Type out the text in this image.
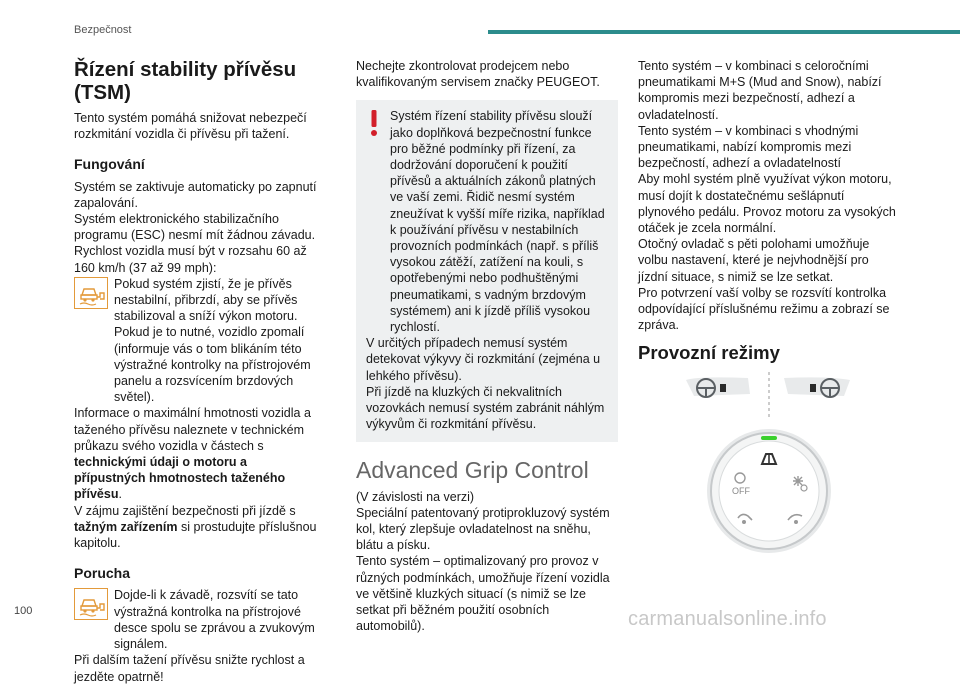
Bezpečnost
Řízení stability přívěsu (TSM)

Tento systém pomáhá snižovat nebezpečí rozkmitání vozidla či přívěsu při tažení.

Fungování

Systém se zaktivuje automaticky po zapnutí zapalování.

Systém elektronického stabilizačního programu (ESC) nesmí mít žádnou závadu.

Rychlost vozidla musí být v rozsahu 60 až 160 km/h (37 až 99 mph):

Pokud systém zjistí, že je přívěs nestabilní, přibrzdí, aby se přívěs stabilizoval a sníží výkon motoru. Pokud je to nutné, vozidlo zpomalí (informuje vás o tom blikáním této výstražné kontrolky na přístrojovém panelu a rozsvícením brzdových světel).

Informace o maximální hmotnosti vozidla a taženého přívěsu naleznete v technickém průkazu svého vozidla v částech s technickými údaji o motoru a přípustných hmotnostech taženého přívěsu.

V zájmu zajištění bezpečnosti při jízdě s tažným zařízením si prostudujte příslušnou kapitolu.

Porucha

Dojde-li k závadě, rozsvítí se tato výstražná kontrolka na přístrojové desce spolu se zprávou a zvukovým signálem.

Při dalším tažení přívěsu snižte rychlost a jezděte opatrně!

Nechejte zkontrolovat prodejcem nebo kvalifikovaným servisem značky PEUGEOT.

Systém řízení stability přívěsu slouží jako doplňková bezpečnostní funkce pro běžné podmínky při řízení, za dodržování doporučení k použití přívěsů a aktuálních zákonů platných ve vaší zemi. Řidič nesmí systém zneužívat k vyšší míře rizika, například k používání přívěsu v nestabilních provozních podmínkách (např. s příliš vysokou zátěží, zatížení na kouli, s opotřebenými nebo podhuštěnými pneumatikami, s vadným brzdovým systémem) ani k jízdě příliš vysokou rychlostí.

V určitých případech nemusí systém detekovat výkyvy či rozkmitání (zejména u lehkého přívěsu).

Při jízdě na kluzkých či nekvalitních vozovkách nemusí systém zabránit náhlým výkyvům či rozkmitání přívěsu.

Advanced Grip Control

(V závislosti na verzi)

Speciální patentovaný protiprokluzový systém kol, který zlepšuje ovladatelnost na sněhu, blátu a písku.

Tento systém – optimalizovaný pro provoz v různých podmínkách, umožňuje řízení vozidla ve většině kluzkých situací (s nimiž se lze setkat při běžném použití osobních automobilů).

Tento systém – v kombinaci s celoročními pneumatikami M+S (Mud and Snow), nabízí kompromis mezi bezpečností, adhezí a ovladatelností.

Tento systém – v kombinaci s vhodnými pneumatikami, nabízí kompromis mezi bezpečností, adhezí a ovladatelností

Aby mohl systém plně využívat výkon motoru, musí dojít k dostatečnému sešlápnutí plynového pedálu. Provoz motoru za vysokých otáček je zcela normální.

Otočný ovladač s pěti polohami umožňuje volbu nastavení, které je nejvhodnější pro jízdní situace, s nimiž se lze setkat.

Pro potvrzení vaší volby se rozsvítí kontrolka odpovídající příslušnému režimu a zobrazí se zpráva.

Provozní režimy
OFF
100	carmanualsonline.info
